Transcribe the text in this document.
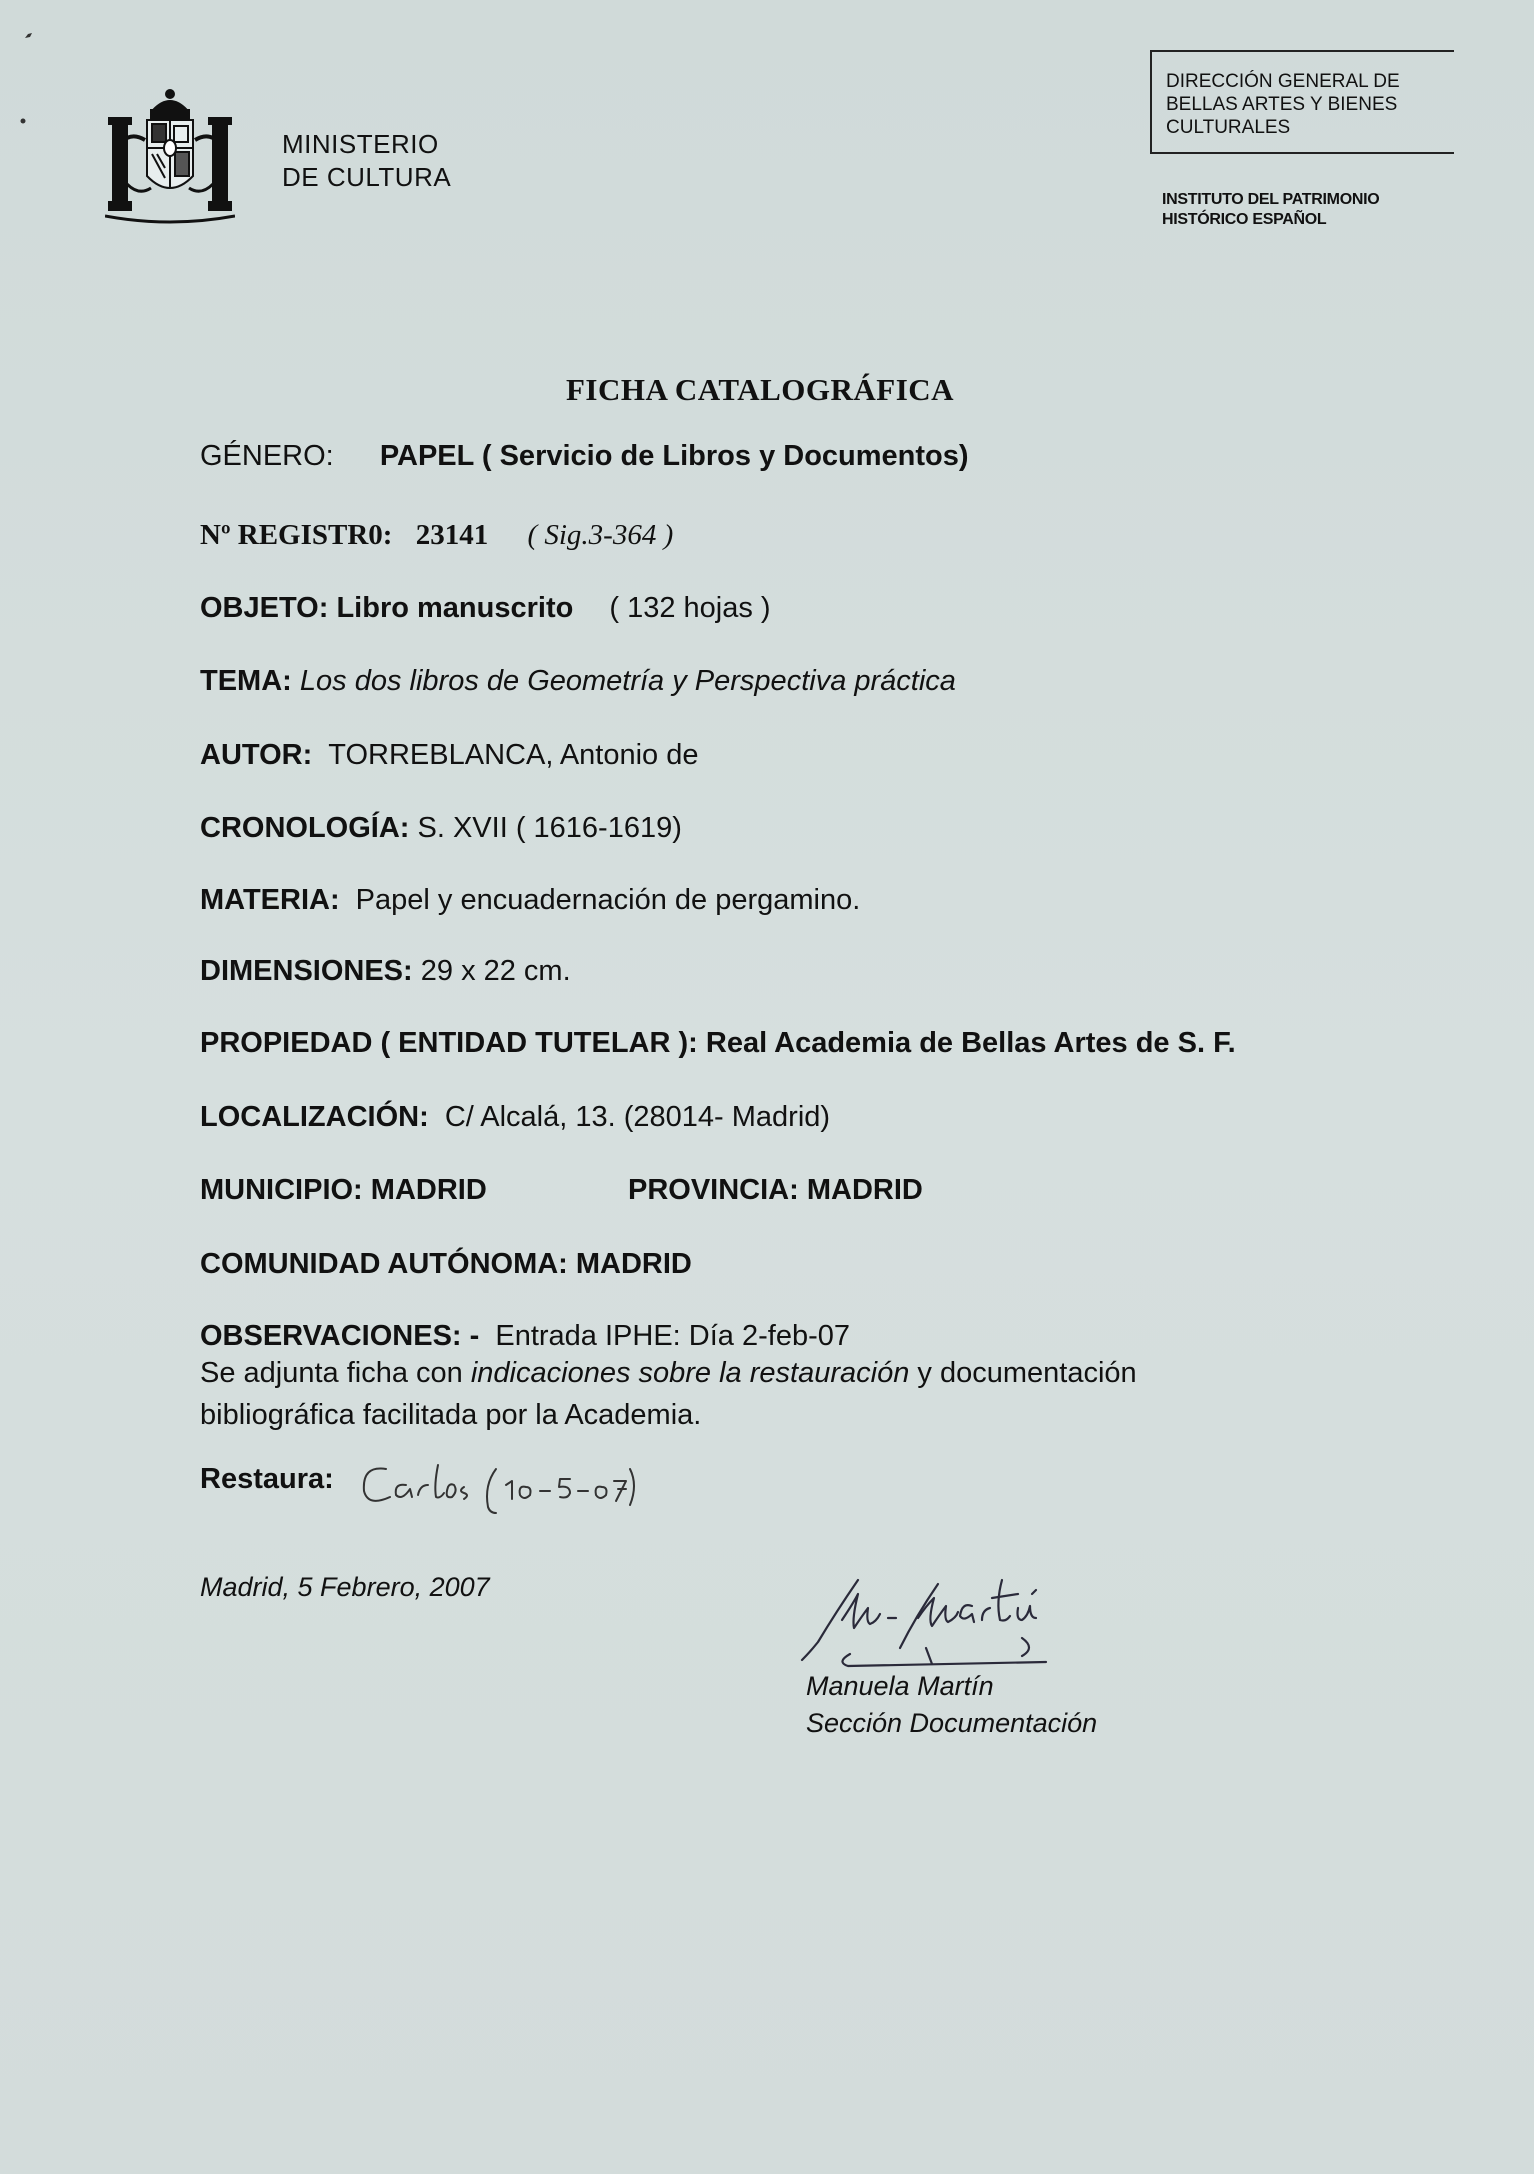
MINISTERIO
DE CULTURA
DIRECCIÓN GENERAL DE
BELLAS ARTES Y BIENES
CULTURALES
INSTITUTO DEL PATRIMONIO
HISTÓRICO ESPAÑOL
FICHA CATALOGRÁFICA
GÉNERO: PAPEL ( Servicio de Libros y Documentos)
Nº REGISTR0: 23141 ( Sig.3-364 )
OBJETO: Libro manuscrito ( 132 hojas )
TEMA: Los dos libros de Geometría y Perspectiva práctica
AUTOR: TORREBLANCA, Antonio de
CRONOLOGÍA: S. XVII ( 1616-1619)
MATERIA: Papel y encuadernación de pergamino.
DIMENSIONES: 29 x 22 cm.
PROPIEDAD ( ENTIDAD TUTELAR ): Real Academia de Bellas Artes de S. F.
LOCALIZACIÓN: C/ Alcalá, 13. (28014- Madrid)
MUNICIPIO: MADRID	PROVINCIA: MADRID
COMUNIDAD AUTÓNOMA: MADRID
OBSERVACIONES: - Entrada IPHE: Día 2-feb-07
Se adjunta ficha con indicaciones sobre la restauración y documentación
bibliográfica facilitada por la Academia.
Restaura:
Madrid, 5 Febrero, 2007
Manuela Martín
Sección Documentación
